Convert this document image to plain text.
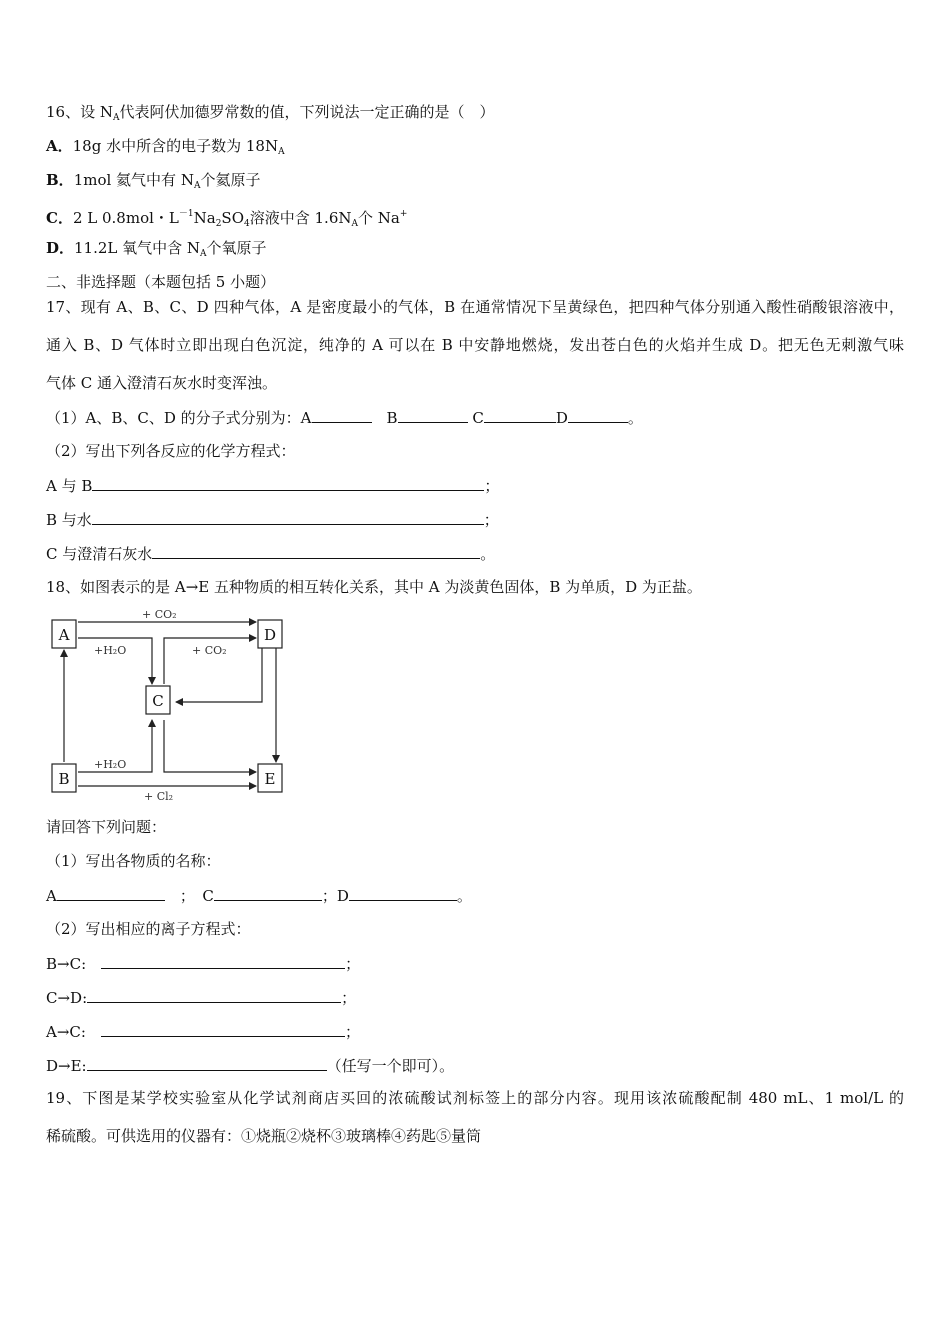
16、设 $N_A$代表阿伏加德罗常数的值，下列说法一定正确的是（　）
A．18g 水中所含的电子数为 $18N_A$
B．1mol 氦气中有 $N_A$个氦原子
C．2 L 0.8mol・$L^{-1}Na_2SO_4$溶液中含 $1.6N_A$个 Na+
D．11.2L 氧气中含 $N_A$个氧原子
二、非选择题（本题包括 5 小题）
17、现有 A、B、C、D 四种气体，A 是密度最小的气体，B 在通常情况下呈黄绿色，把四种气体分别通入酸性硝酸银溶液中，
通入 B、D 气体时立即出现白色沉淀，纯净的 A 可以在 B 中安静地燃烧，发出苍白色的火焰并生成 D。把无色无刺激气味
气体 C 通入澄清石灰水时变浑浊。
（1）A、B、C、D 的分子式分别为：A　	B	C	D	。
（2）写出下列各反应的化学方程式：
A 与 B	；
B 与水	；
C 与澄清石灰水	。
18、如图表示的是 A→E 五种物质的相互转化关系，其中 A 为淡黄色固体，B 为单质，D 为正盐。
A
B
C
D
E
+ CO₂
+H₂O	+ CO₂
+H₂O
+ Cl₂
请回答下列问题：
（1）写出各物质的名称：
A　	；　 C	；D	。
（2）写出相应的离子方程式：
B→C:　	；
C→D:	；
A→C:　	；
D→E:	（任写一个即可）。
19、下图是某学校实验室从化学试剂商店买回的浓硫酸试剂标签上的部分内容。现用该浓硫酸配制 480 mL、1 mol/L 的
稀硫酸。可供选用的仪器有：①烧瓶②烧杯③玻璃棒④药匙⑤量筒
